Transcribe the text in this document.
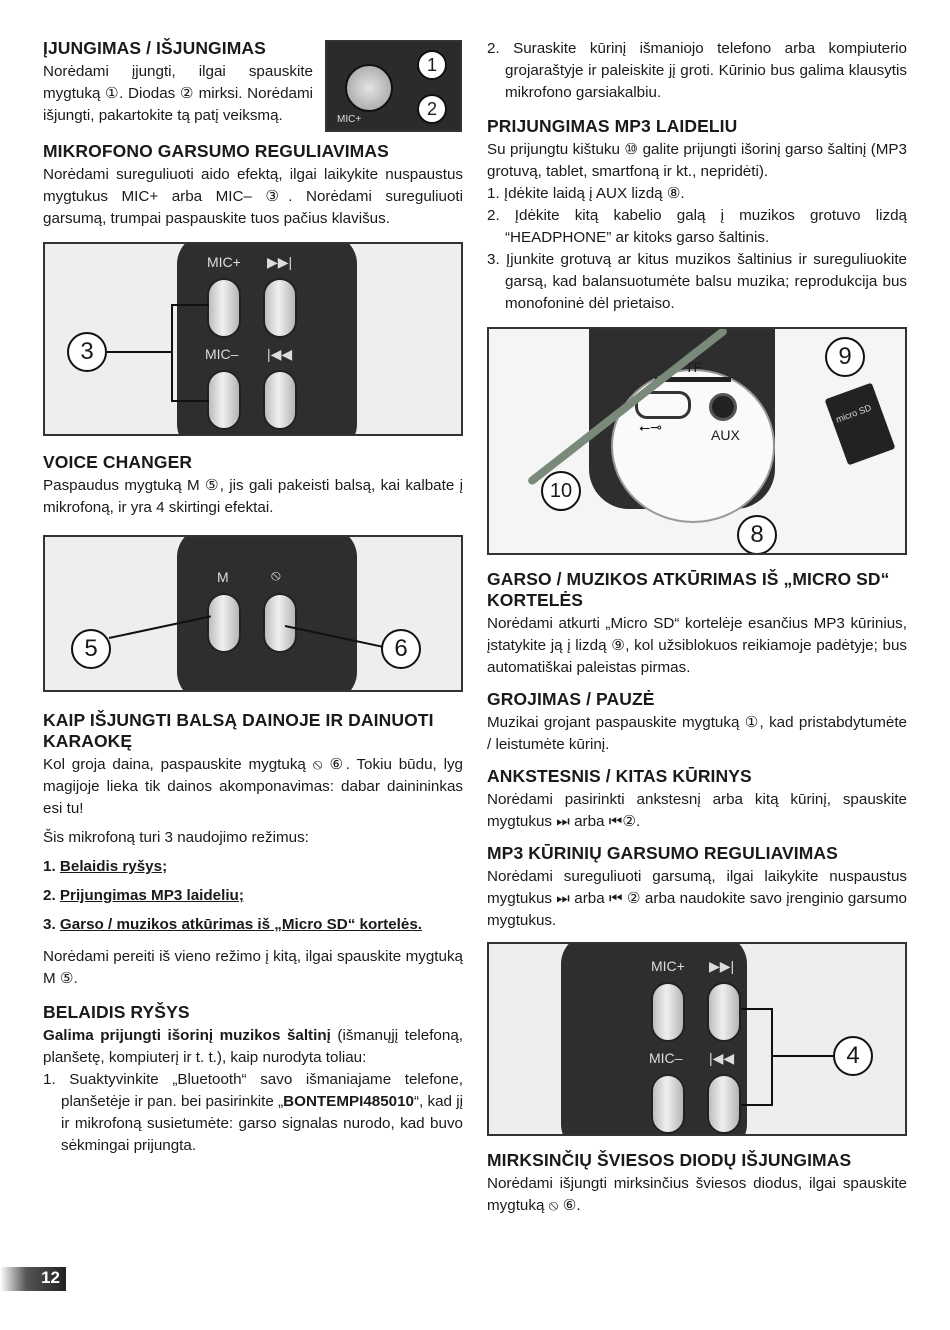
ĮJUNGIMAS / IŠJUNGIMAS

Norėdami įjungti, ilgai spauskite mygtuką ①. Diodas ② mirksi. Norėdami išjungti, pakartokite tą patį veiksmą.	MIC+
1
2
MIKROFONO GARSUMO REGULIAVIMAS

Norėdami sureguliuoti aido efektą, ilgai laikykite nuspaustus mygtukus MIC+ arba MIC– ③. Norėdami sureguliuoti garsumą, trumpai paspauskite tuos pačius klavišus.

MIC+
MIC–
▶▶|
|◀◀
3
VOICE CHANGER

Paspaudus mygtuką M ⑤, jis gali pakeisti balsą, kai kalbate į mikrofoną, ir yra 4 skirtingi efektai.

M	⦸
5	6
KAIP IŠJUNGTI BALSĄ DAINOJE IR DAINUOTI KARAOKĘ

Kol groja daina, paspauskite mygtuką ⦸ ⑥. Tokiu būdu, lyg magijoje lieka tik dainos akomponavimas: dabar dainininkas esi tu!

Šis mikrofoną turi 3 naudojimo režimus:

1. Belaidis ryšys;
2. Prijungimas MP3 laideliu;
3. Garso / muzikos atkūrimas iš „Micro SD“ kortelės.

Norėdami pereiti iš vieno režimo į kitą, ilgai spauskite mygtuką M ⑤.

BELAIDIS RYŠYS

Galima prijungti išorinį muzikos šaltinį (išmanųjį telefoną, planšetę, kompiuterį ir t. t.), kaip nurodyta toliau:

1. Suaktyvinkite „Bluetooth“ savo išmaniajame telefone, planšetėje ir pan. bei pasirinkite „BONTEMPI485010“, kad jį ir mikrofoną susietumėte: garso signalas nurodo, kad buvo sėkmingai prijungta.

2. Suraskite kūrinį išmaniojo telefono arba kompiuterio grojaraštyje ir paleiskite jį groti. Kūrinio bus galima klausytis mikrofono garsiakalbiu.

PRIJUNGIMAS MP3 LAIDELIU

Su prijungtu kištuku ⑩ galite prijungti išorinį garso šaltinį (MP3 grotuvą, tablet, smartfoną ir kt., nepridėti).

1. Įdėkite laidą į AUX lizdą ⑧.

2. Įdėkite kitą kabelio galą į muzikos grotuvo lizdą “HEADPHONE” ar kitoks garso šaltinis.

3. Įjunkite grotuvą ar kitus muzikos šaltinius ir sureguliuokite garsą, kad balansuotumėte balsu muzika; reprodukcija bus monofoninė dėl prietaiso.

TF
⭠⊸	AUX
micro SD
9
10
8
GARSO / MUZIKOS ATKŪRIMAS IŠ „MICRO SD“ KORTELĖS

Norėdami atkurti „Micro SD“ kortelėje esančius MP3 kūrinius, įstatykite ją į lizdą ⑨, kol užsiblokuos reikiamoje padėtyje; bus automatiškai paleistas pirmas.

GROJIMAS / PAUZĖ

Muzikai grojant paspauskite mygtuką ①, kad pristabdytumėte / leistumėte kūrinį.

ANKSTESNIS / KITAS KŪRINYS

Norėdami pasirinkti ankstesnį arba kitą kūrinį, spauskite mygtukus ⏭ arba ⏮②.

MP3 KŪRINIŲ GARSUMO REGULIAVIMAS

Norėdami sureguliuoti garsumą, ilgai laikykite nuspaustus mygtukus ⏭ arba ⏮ ② arba naudokite savo įrenginio garsumo mygtukus.

MIC+
MIC–
▶▶|
|◀◀	4
MIRKSINČIŲ ŠVIESOS DIODŲ IŠJUNGIMAS

Norėdami išjungti mirksinčius šviesos diodus, ilgai spauskite mygtuką ⦸ ⑥.

12
